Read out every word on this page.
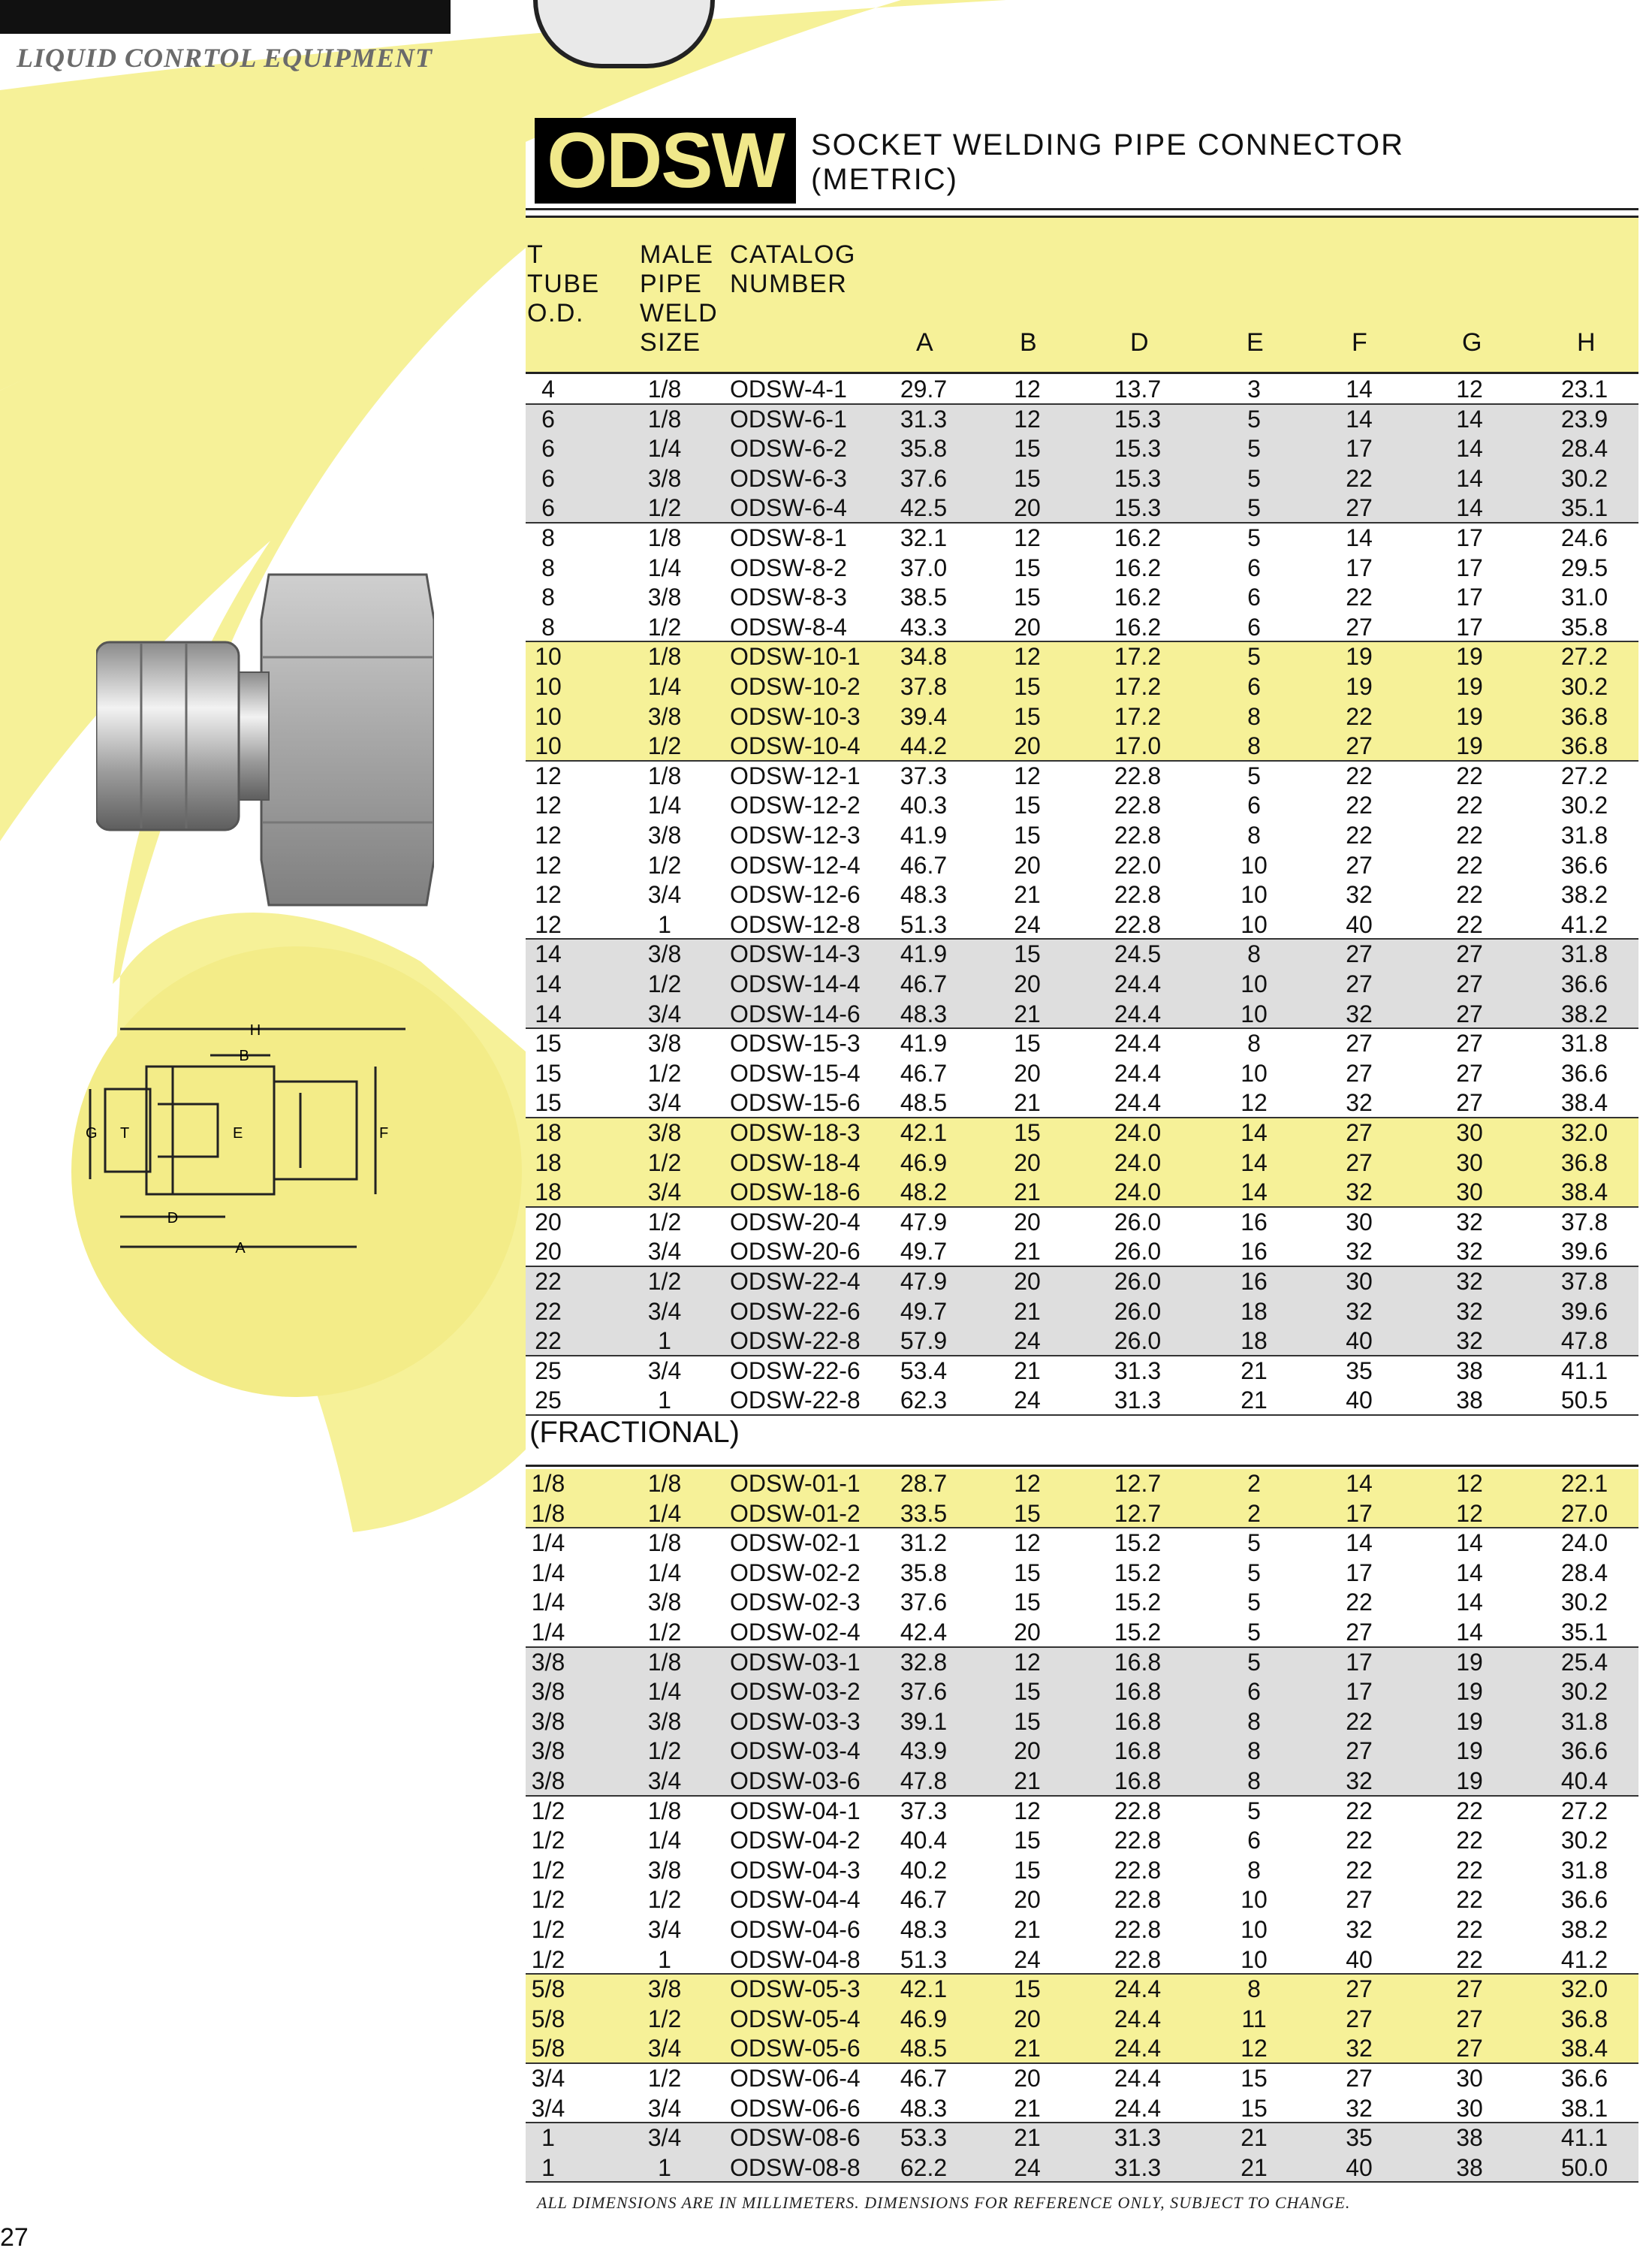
LIQUID CONRTOL EQUIPMENT
ODSW SOCKET WELDING PIPE CONNECTOR
(METRIC)
H
B
G T	E	F
D
A
T
TUBE
O.D.
MALE
PIPE
WELD
SIZE
CATALOG
NUMBER
A	B	D	E	F	G	H
4	1/8	ODSW-4-1	29.7	12	13.7	3	14	12	23.1
6	1/8	ODSW-6-1	31.3	12	15.3	5	14	14	23.9
6	1/4	ODSW-6-2	35.8	15	15.3	5	17	14	28.4
6	3/8	ODSW-6-3	37.6	15	15.3	5	22	14	30.2
6	1/2	ODSW-6-4	42.5	20	15.3	5	27	14	35.1
8	1/8	ODSW-8-1	32.1	12	16.2	5	14	17	24.6
8	1/4	ODSW-8-2	37.0	15	16.2	6	17	17	29.5
8	3/8	ODSW-8-3	38.5	15	16.2	6	22	17	31.0
8	1/2	ODSW-8-4	43.3	20	16.2	6	27	17	35.8
10	1/8	ODSW-10-1	34.8	12	17.2	5	19	19	27.2
10	1/4	ODSW-10-2	37.8	15	17.2	6	19	19	30.2
10	3/8	ODSW-10-3	39.4	15	17.2	8	22	19	36.8
10	1/2	ODSW-10-4	44.2	20	17.0	8	27	19	36.8
12	1/8	ODSW-12-1	37.3	12	22.8	5	22	22	27.2
12	1/4	ODSW-12-2	40.3	15	22.8	6	22	22	30.2
12	3/8	ODSW-12-3	41.9	15	22.8	8	22	22	31.8
12	1/2	ODSW-12-4	46.7	20	22.0	10	27	22	36.6
12	3/4	ODSW-12-6	48.3	21	22.8	10	32	22	38.2
12	1	ODSW-12-8	51.3	24	22.8	10	40	22	41.2
14	3/8	ODSW-14-3	41.9	15	24.5	8	27	27	31.8
14	1/2	ODSW-14-4	46.7	20	24.4	10	27	27	36.6
14	3/4	ODSW-14-6	48.3	21	24.4	10	32	27	38.2
15	3/8	ODSW-15-3	41.9	15	24.4	8	27	27	31.8
15	1/2	ODSW-15-4	46.7	20	24.4	10	27	27	36.6
15	3/4	ODSW-15-6	48.5	21	24.4	12	32	27	38.4
18	3/8	ODSW-18-3	42.1	15	24.0	14	27	30	32.0
18	1/2	ODSW-18-4	46.9	20	24.0	14	27	30	36.8
18	3/4	ODSW-18-6	48.2	21	24.0	14	32	30	38.4
20	1/2	ODSW-20-4	47.9	20	26.0	16	30	32	37.8
20	3/4	ODSW-20-6	49.7	21	26.0	16	32	32	39.6
22	1/2	ODSW-22-4	47.9	20	26.0	16	30	32	37.8
22	3/4	ODSW-22-6	49.7	21	26.0	18	32	32	39.6
22	1	ODSW-22-8	57.9	24	26.0	18	40	32	47.8
25	3/4	ODSW-22-6	53.4	21	31.3	21	35	38	41.1
25	1	ODSW-22-8	62.3	24	31.3	21	40	38	50.5
(FRACTIONAL)
1/8	1/8	ODSW-01-1	28.7	12	12.7	2	14	12	22.1
1/8	1/4	ODSW-01-2	33.5	15	12.7	2	17	12	27.0
1/4	1/8	ODSW-02-1	31.2	12	15.2	5	14	14	24.0
1/4	1/4	ODSW-02-2	35.8	15	15.2	5	17	14	28.4
1/4	3/8	ODSW-02-3	37.6	15	15.2	5	22	14	30.2
1/4	1/2	ODSW-02-4	42.4	20	15.2	5	27	14	35.1
3/8	1/8	ODSW-03-1	32.8	12	16.8	5	17	19	25.4
3/8	1/4	ODSW-03-2	37.6	15	16.8	6	17	19	30.2
3/8	3/8	ODSW-03-3	39.1	15	16.8	8	22	19	31.8
3/8	1/2	ODSW-03-4	43.9	20	16.8	8	27	19	36.6
3/8	3/4	ODSW-03-6	47.8	21	16.8	8	32	19	40.4
1/2	1/8	ODSW-04-1	37.3	12	22.8	5	22	22	27.2
1/2	1/4	ODSW-04-2	40.4	15	22.8	6	22	22	30.2
1/2	3/8	ODSW-04-3	40.2	15	22.8	8	22	22	31.8
1/2	1/2	ODSW-04-4	46.7	20	22.8	10	27	22	36.6
1/2	3/4	ODSW-04-6	48.3	21	22.8	10	32	22	38.2
1/2	1	ODSW-04-8	51.3	24	22.8	10	40	22	41.2
5/8	3/8	ODSW-05-3	42.1	15	24.4	8	27	27	32.0
5/8	1/2	ODSW-05-4	46.9	20	24.4	11	27	27	36.8
5/8	3/4	ODSW-05-6	48.5	21	24.4	12	32	27	38.4
3/4	1/2	ODSW-06-4	46.7	20	24.4	15	27	30	36.6
3/4	3/4	ODSW-06-6	48.3	21	24.4	15	32	30	38.1
1	3/4	ODSW-08-6	53.3	21	31.3	21	35	38	41.1
1	1	ODSW-08-8	62.2	24	31.3	21	40	38	50.0
ALL DIMENSIONS ARE IN MILLIMETERS. DIMENSIONS FOR REFERENCE ONLY, SUBJECT TO CHANGE.
27
